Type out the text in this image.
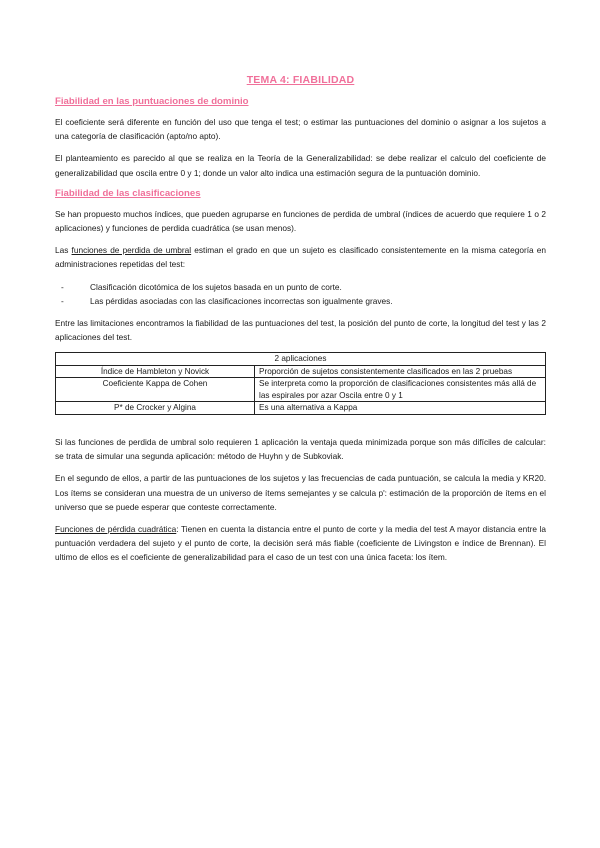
TEMA 4: FIABILIDAD
Fiabilidad en las puntuaciones de dominio

El coeficiente será diferente en función del uso que tenga el test; o estimar las puntuaciones del dominio o asignar a los sujetos a una categoría de clasificación (apto/no apto).

El planteamiento es parecido al que se realiza en la Teoría de la Generalizabilidad: se debe realizar el calculo del coeficiente de generalizabilidad que oscila entre 0 y 1; donde un valor alto indica una estimación segura de la puntuación dominio.

Fiabilidad de las clasificaciones

Se han propuesto muchos índices, que pueden agruparse en funciones de perdida de umbral (índices de acuerdo que requiere 1 o 2 aplicaciones) y funciones de perdida cuadrática (se usan menos).

Las funciones de perdida de umbral estiman el grado en que un sujeto es clasificado consistentemente en la misma categoría en administraciones repetidas del test:

- Clasificación dicotómica de los sujetos basada en un punto de corte.
- Las pérdidas asociadas con las clasificaciones incorrectas son igualmente graves.

Entre las limitaciones encontramos la fiabilidad de las puntuaciones del test, la posición del punto de corte, la longitud del test y las 2 aplicaciones del test.

2 aplicaciones	
Índice de Hambleton y Novick	Proporción de sujetos consistentemente clasificados en las 2 pruebas
Coeficiente Kappa de Cohen	Se interpreta como la proporción de clasificaciones consistentes más allá de las espirales por azar Oscila entre 0 y 1
P* de Crocker y Algina	Es una alternativa a Kappa

Si las funciones de perdida de umbral solo requieren 1 aplicación la ventaja queda minimizada porque son más difíciles de calcular: se trata de simular una segunda aplicación: método de Huyhn y de Subkoviak.

En el segundo de ellos, a partir de las puntuaciones de los sujetos y las frecuencias de cada puntuación, se calcula la media y KR20. Los ítems se consideran una muestra de un universo de ítems semejantes y se calcula p': estimación de la proporción de ítems en el universo que se puede esperar que conteste correctamente.

Funciones de pérdida cuadrática: Tienen en cuenta la distancia entre el punto de corte y la media del test A mayor distancia entre la puntuación verdadera del sujeto y el punto de corte, la decisión será más fiable (coeficiente de Livingston e índice de Brennan). El ultimo de ellos es el coeficiente de generalizabilidad para el caso de un test con una única faceta: los ítem.
